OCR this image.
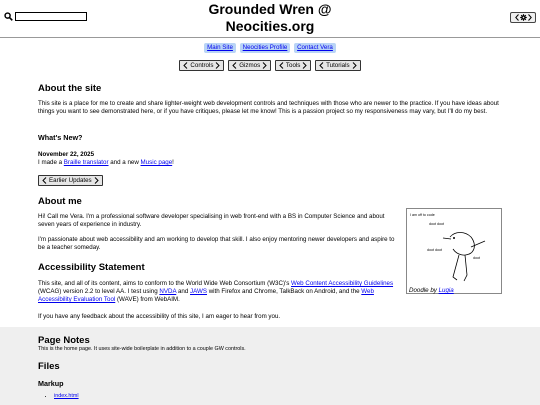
Grounded Wren @
Neocities.org
Main Site Neocities Profile Contact Vera
Controls
	Gizmos
	Tools
	Tutorials
About the site

This site is a place for me to create and share lighter-weight web development controls and techniques with those who are newer to the practice. If you have ideas about things you want to see demonstrated here, or if you have critiques, please let me know! This is a passion project so my responsiveness may vary, but I'll do my best.

What's New?

November 22, 2025

I made a Braille translator and a new Music page!

Earlier Updates
About me

Hi! Call me Vera. I'm a professional software developer specialising in web front-end with a BS in Computer Science and about seven years of experience in industry.

I'm passionate about web accessibility and am working to develop that skill. I also enjoy mentoring newer developers and aspire to be a teacher someday.

I am off to code
doot doot
doot doot
doot

Doodle by Lugia

Accessibility Statement

This site, and all of its content, aims to conform to the World Wide Web Consortium (W3C)'s Web Content Accessibility Guidelines (WCAG) version 2.2 to level AA. I test using NVDA and JAWS with Firefox and Chrome, TalkBack on Android, and the Web Accessibility Evaluation Tool (WAVE) from WebAIM.

If you have any feedback about the accessibility of this site, I am eager to hear from you.

Page Notes

This is the home page. It uses site-wide boilerplate in addition to a couple GW controls.

Files
Markup
• index.html
